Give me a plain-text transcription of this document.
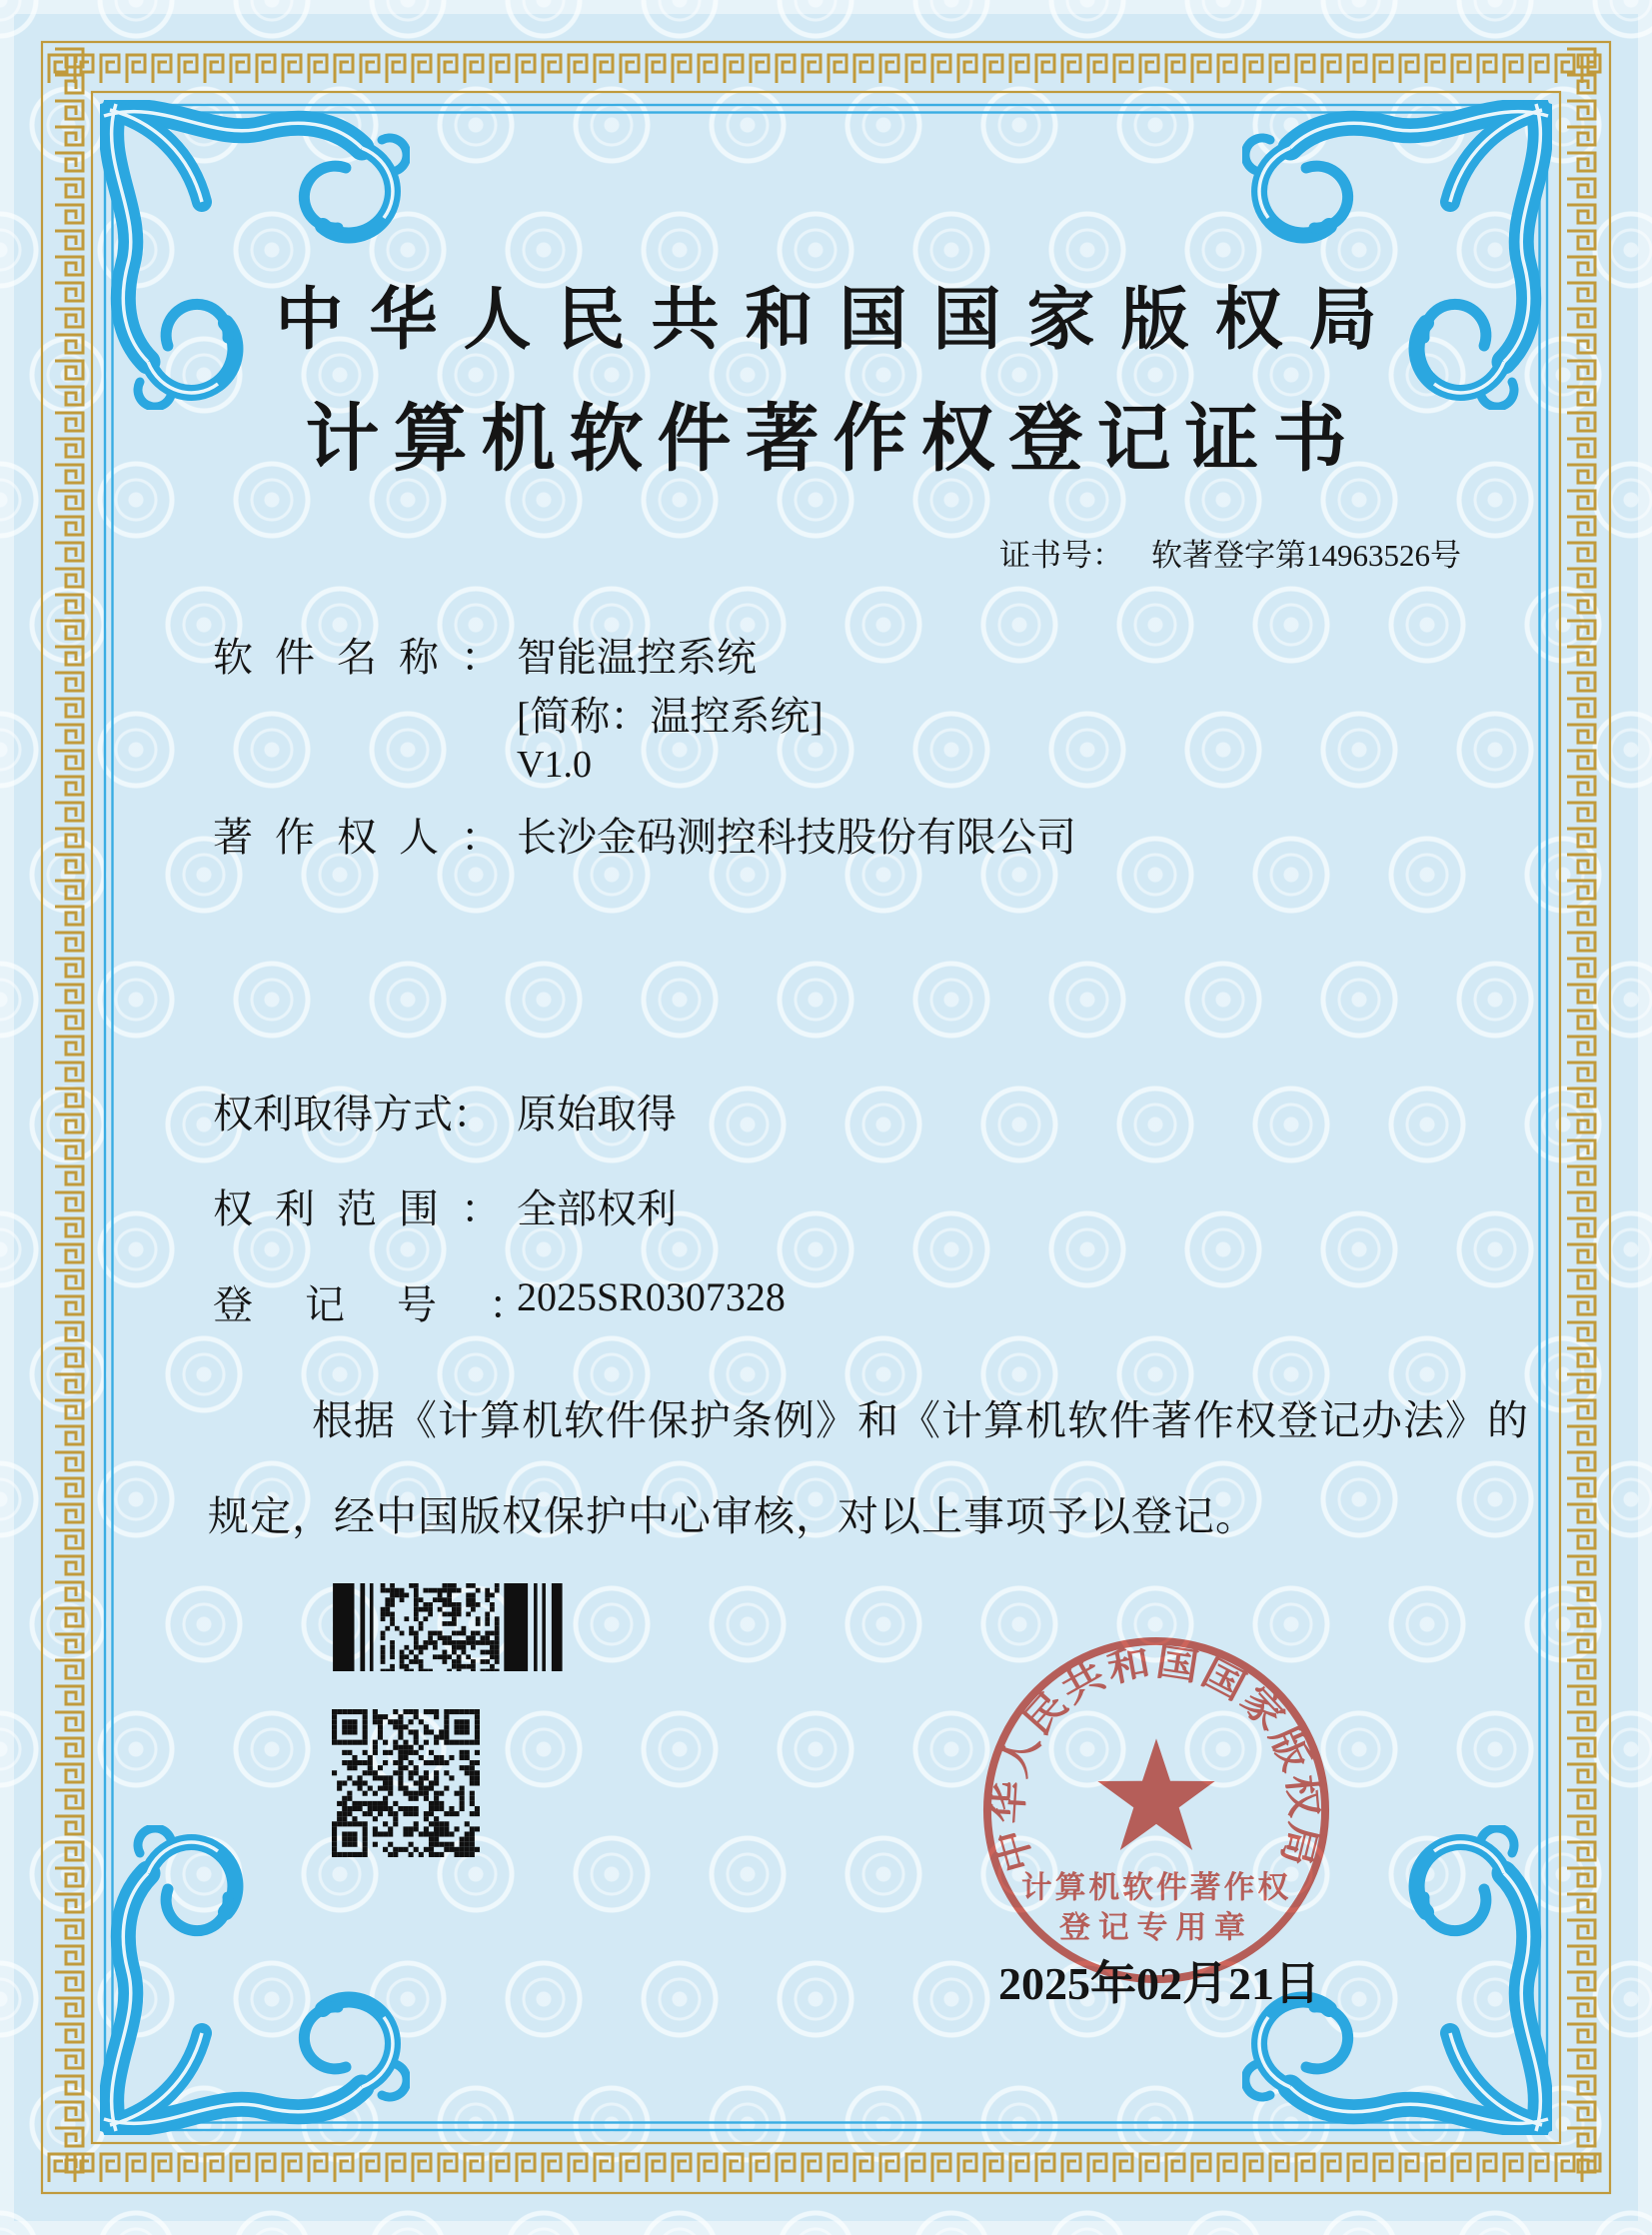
中华人民共和国国家版权局
计算机软件著作权登记证书
证书号： 软著登字第14963526号
软件名称：
智能温控系统
[简称：温控系统]
V1.0
著作权人：
长沙金码测控科技股份有限公司
权利取得方式： 原始取得
权利范围：
全部权利
登记号：
2025SR0307328
根据《计算机软件保护条例》和《计算机软件著作权登记办法》的
规定，经中国版权保护中心审核，对以上事项予以登记。
中华人民共和国国家版权局
计算机软件著作权
登记专用章
2025年02月21日
